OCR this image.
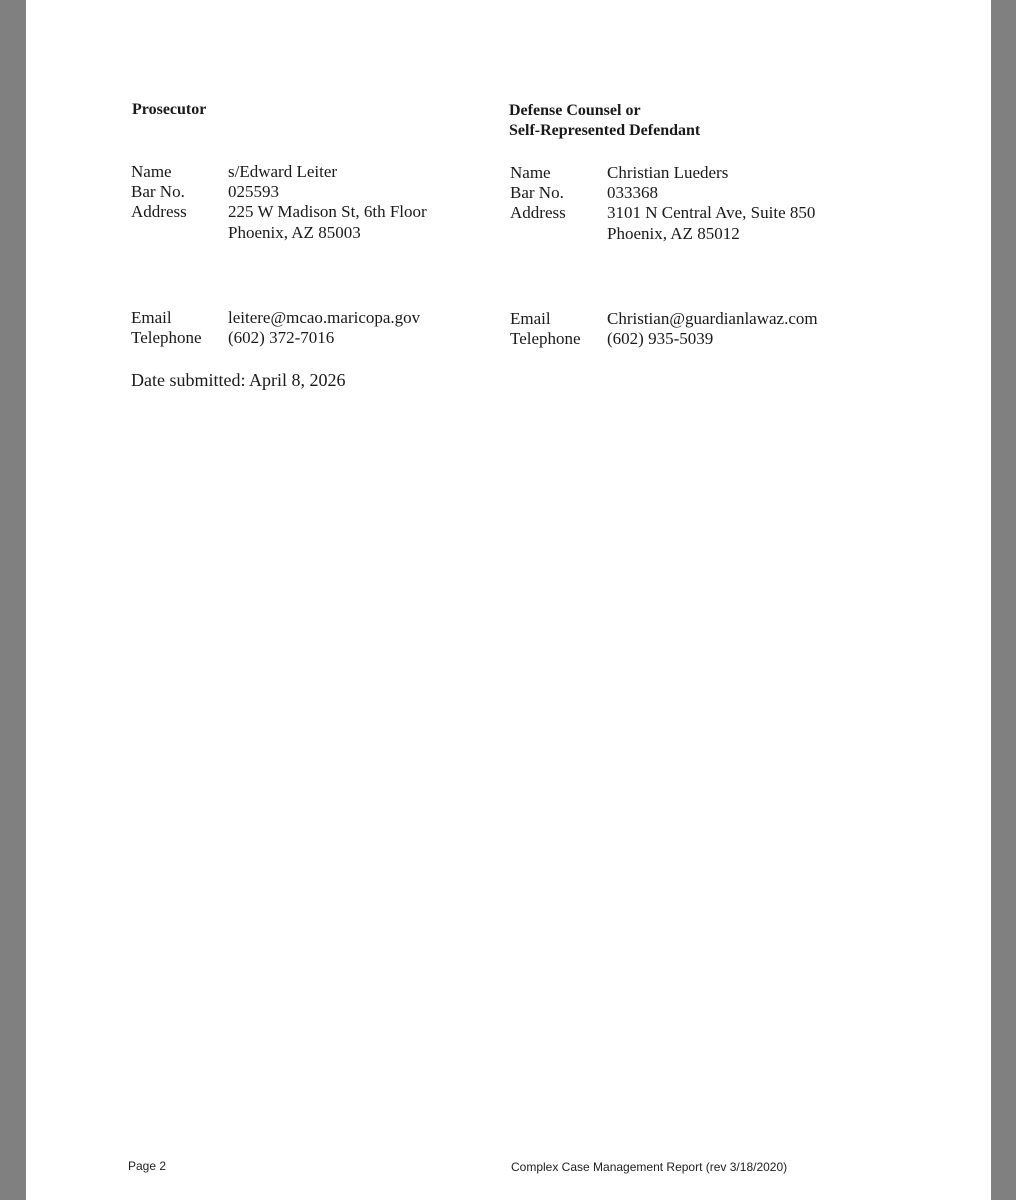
Prosecutor
Name	s/Edward Leiter
Bar No.	025593
Address 225 W Madison St, 6th Floor
Phoenix, AZ 85003
Email	leitere@mcao.maricopa.gov
Telephone (602) 372-7016
Defense Counsel or
Self-Represented Defendant
Name	Christian Lueders
Bar No.	033368
Address 3101 N Central Ave, Suite 850
Phoenix, AZ 85012
Email	Christian@guardianlawaz.com
Telephone (602) 935-5039
Date submitted: April 8, 2026
Page 2	Complex Case Management Report (rev 3/18/2020)
